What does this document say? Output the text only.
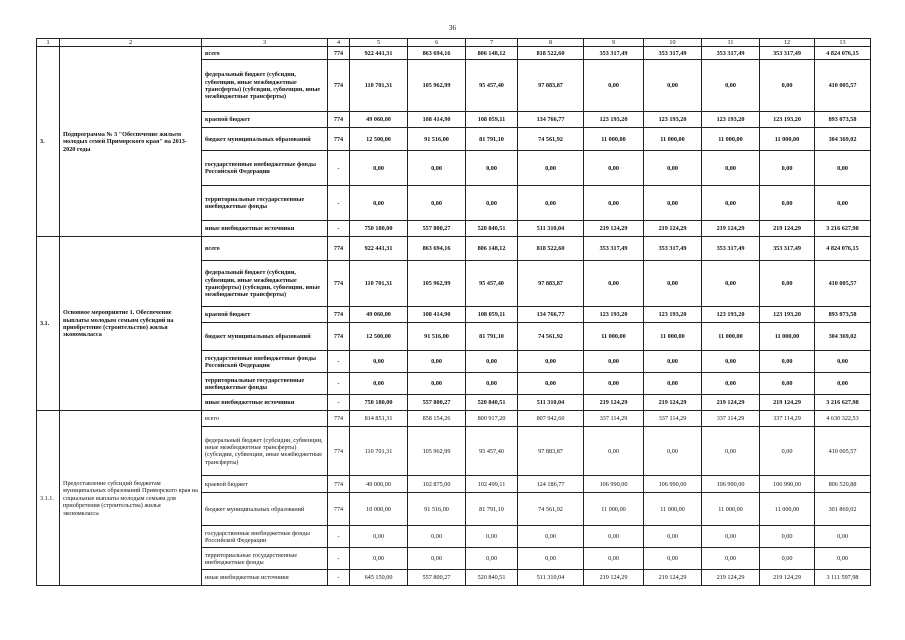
36
1	2	3	4	5	6	7	8	9	10	11	12	13
3.	Подпрограмма № 3 "Обеспечение жильем молодых семей Приморского края" на 2013-2020 годы	всего	774	922 441,31	863 694,16	806 148,12	818 522,60	353 317,49	353 317,49	353 317,49	353 317,49	4 824 076,15
		федеральный бюджет (субсидии, субвенции, иные межбюджетные трансферты) (субсидии, субвенции, иные межбюджетные трансферты)	774	110 701,31	105 962,99	95 457,40	97 883,87	0,00	0,00	0,00	0,00	410 005,57
		краевой бюджет	774	49 060,00	108 414,90	108 059,11	134 766,77	123 193,20	123 193,20	123 193,20	123 193,20	893 073,58
		бюджет муниципальных образований	774	12 500,00	91 516,00	81 791,10	74 561,92	11 000,00	11 000,00	11 000,00	11 000,00	304 369,02
		государственные внебюджетные фонды Российской Федерации	-	0,00	0,00	0,00	0,00	0,00	0,00	0,00	0,00	0,00
		территориальные государственные внебюджетные фонды	-	0,00	0,00	0,00	0,00	0,00	0,00	0,00	0,00	0,00
		иные внебюджетные источники	-	750 180,00	557 800,27	520 840,51	511 310,04	219 124,29	219 124,29	219 124,29	219 124,29	3 216 627,98
3.1.	Основное мероприятие 1. Обеспечение выплаты молодым семьям субсидий на приобретение (строительство) жилья экономкласса	всего	774	922 441,31	863 694,16	806 148,12	818 522,60	353 317,49	353 317,49	353 317,49	353 317,49	4 824 076,15
		федеральный бюджет (субсидии, субвенции, иные межбюджетные трансферты) (субсидии, субвенции, иные межбюджетные трансферты)	774	110 701,31	105 962,99	95 457,40	97 883,87	0,00	0,00	0,00	0,00	410 005,57
		краевой бюджет	774	49 060,00	108 414,90	108 059,11	134 766,77	123 193,20	123 193,20	123 193,20	123 193,20	893 073,58
		бюджет муниципальных образований	774	12 500,00	91 516,00	81 791,10	74 561,92	11 000,00	11 000,00	11 000,00	11 000,00	304 369,02
		государственные внебюджетные фонды Российской Федерации	-	0,00	0,00	0,00	0,00	0,00	0,00	0,00	0,00	0,00
		территориальные государственные внебюджетные фонды	-	0,00	0,00	0,00	0,00	0,00	0,00	0,00	0,00	0,00
		иные внебюджетные источники	-	750 180,00	557 800,27	520 840,51	511 310,04	219 124,29	219 124,29	219 124,29	219 124,29	3 216 627,98
3.1.1.	Предоставление субсидий бюджетам муниципальных образований Приморского края на социальные выплаты молодым семьям для приобретения (строительства) жилья экономкласса	всего	774	814 851,31	858 154,26	800 917,20	807 942,60	337 114,29	337 114,29	337 114,29	337 114,29	4 630 322,53
		федеральный бюджет (субсидии, субвенции, иные межбюджетные трансферты) (субсидии, субвенции, иные межбюджетные трансферты)	774	110 701,31	105 962,99	95 457,40	97 883,87	0,00	0,00	0,00	0,00	410 005,57
		краевой бюджет	774	49 000,00	102 875,00	102 499,11	124 186,77	106 990,00	106 990,00	106 990,00	106 990,00	806 520,88
		бюджет муниципальных образований	774	10 000,00	91 516,00	81 791,10	74 561,92	11 000,00	11 000,00	11 000,00	11 000,00	301 869,02
		государственные внебюджетные фонды Российской Федерации	-	0,00	0,00	0,00	0,00	0,00	0,00	0,00	0,00	0,00
		территориальные государственные внебюджетные фонды	-	0,00	0,00	0,00	0,00	0,00	0,00	0,00	0,00	0,00
		иные внебюджетные источники	-	645 150,00	557 800,27	520 840,51	511 310,04	219 124,29	219 124,29	219 124,29	219 124,29	3 111 597,98
